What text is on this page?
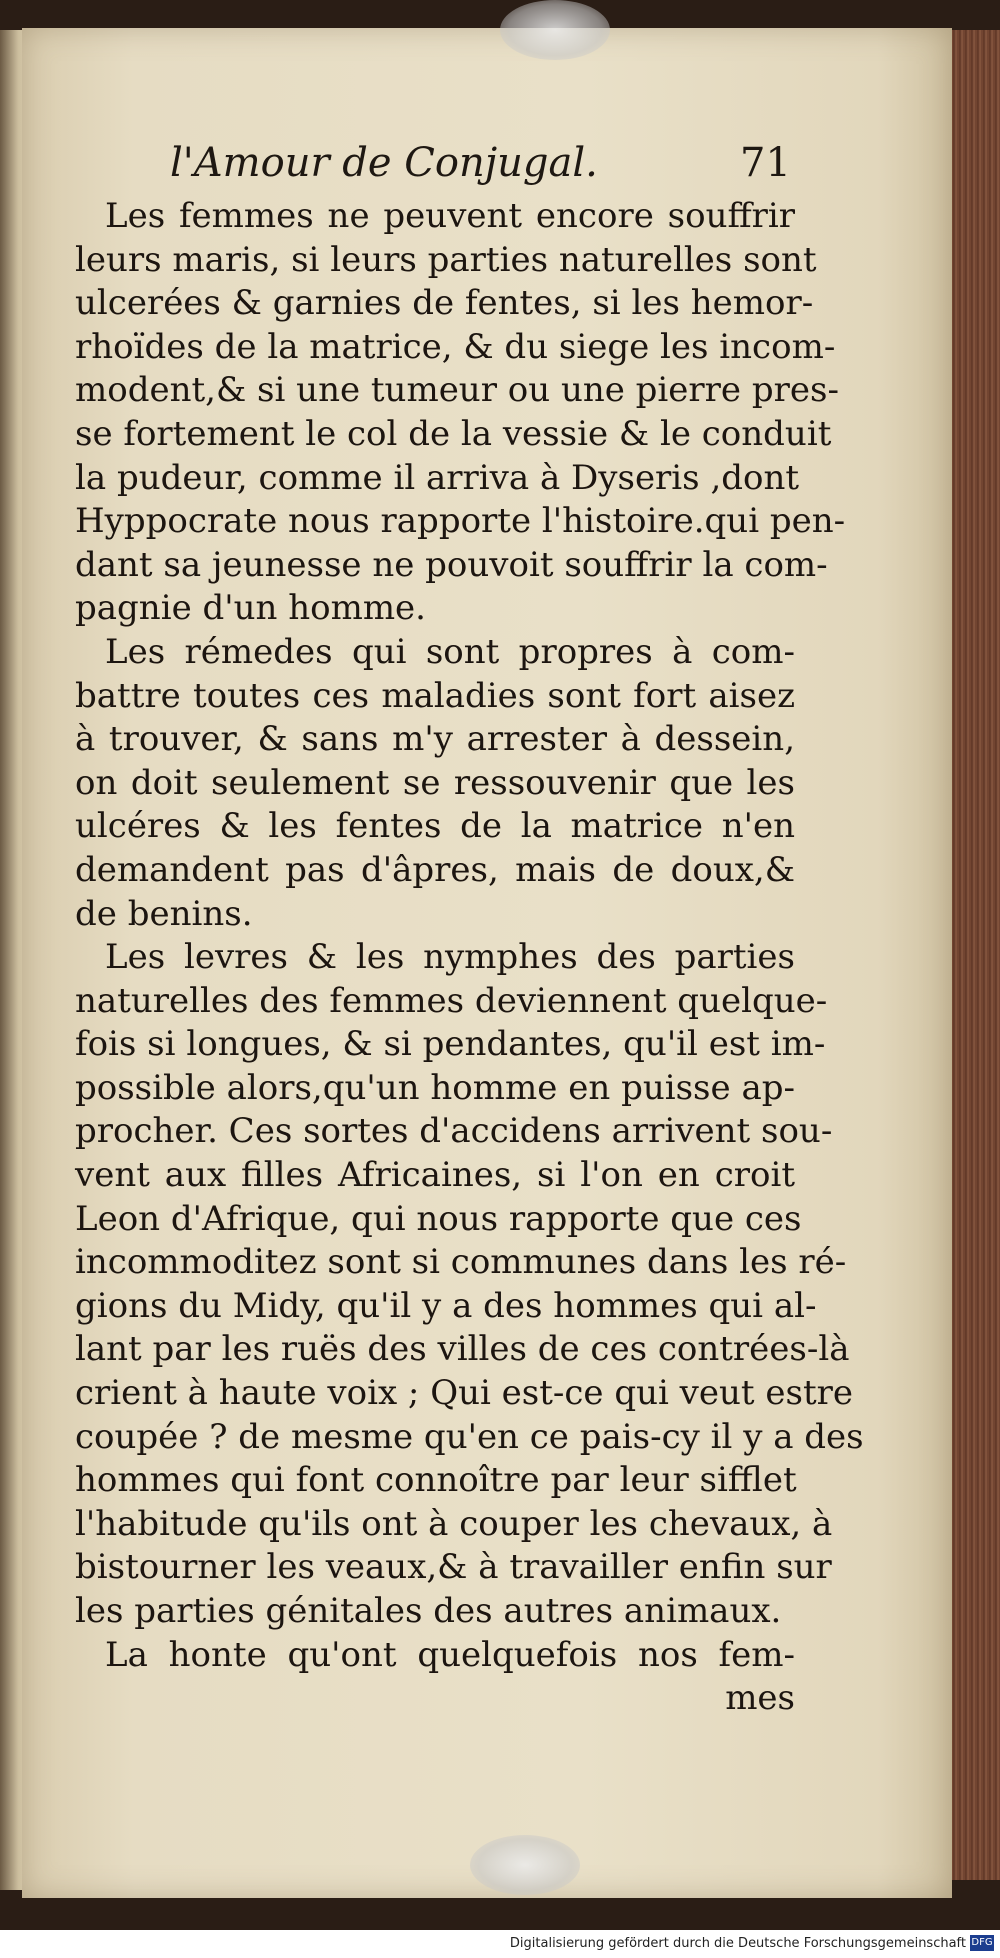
l'Amour de Conjugal.	71
Les femmes ne peuvent encore souffrir
leurs maris, si leurs parties naturelles sont
ulcerées & garnies de fentes, si les hemor-
rhoïdes de la matrice, & du siege les incom-
modent,& si une tumeur ou une pierre pres-
se fortement le col de la vessie & le conduit
la pudeur, comme il arriva à Dyseris ,dont
Hyppocrate nous rapporte l'histoire.qui pen-
dant sa jeunesse ne pouvoit souffrir la com-
pagnie d'un homme.
Les rémedes qui sont propres à com-
battre toutes ces maladies sont fort aisez
à trouver, & sans m'y arrester à dessein,
on doit seulement se ressouvenir que les
ulcéres & les fentes de la matrice n'en
demandent pas d'âpres, mais de doux,&
de benins.
Les levres & les nymphes des parties
naturelles des femmes deviennent quelque-
fois si longues, & si pendantes, qu'il est im-
possible alors,qu'un homme en puisse ap-
procher. Ces sortes d'accidens arrivent sou-
vent aux filles Africaines, si l'on en croit
Leon d'Afrique, qui nous rapporte que ces
incommoditez sont si communes dans les ré-
gions du Midy, qu'il y a des hommes qui al-
lant par les ruës des villes de ces contrées-là
crient à haute voix ; Qui est-ce qui veut estre
coupée ? de mesme qu'en ce pais-cy il y a des
hommes qui font connoître par leur sifflet
l'habitude qu'ils ont à couper les chevaux, à
bistourner les veaux,& à travailler enfin sur
les parties génitales des autres animaux.
La honte qu'ont quelquefois nos fem-
mes
Digitalisierung gefördert durch die Deutsche Forschungsgemeinschaft DFG
